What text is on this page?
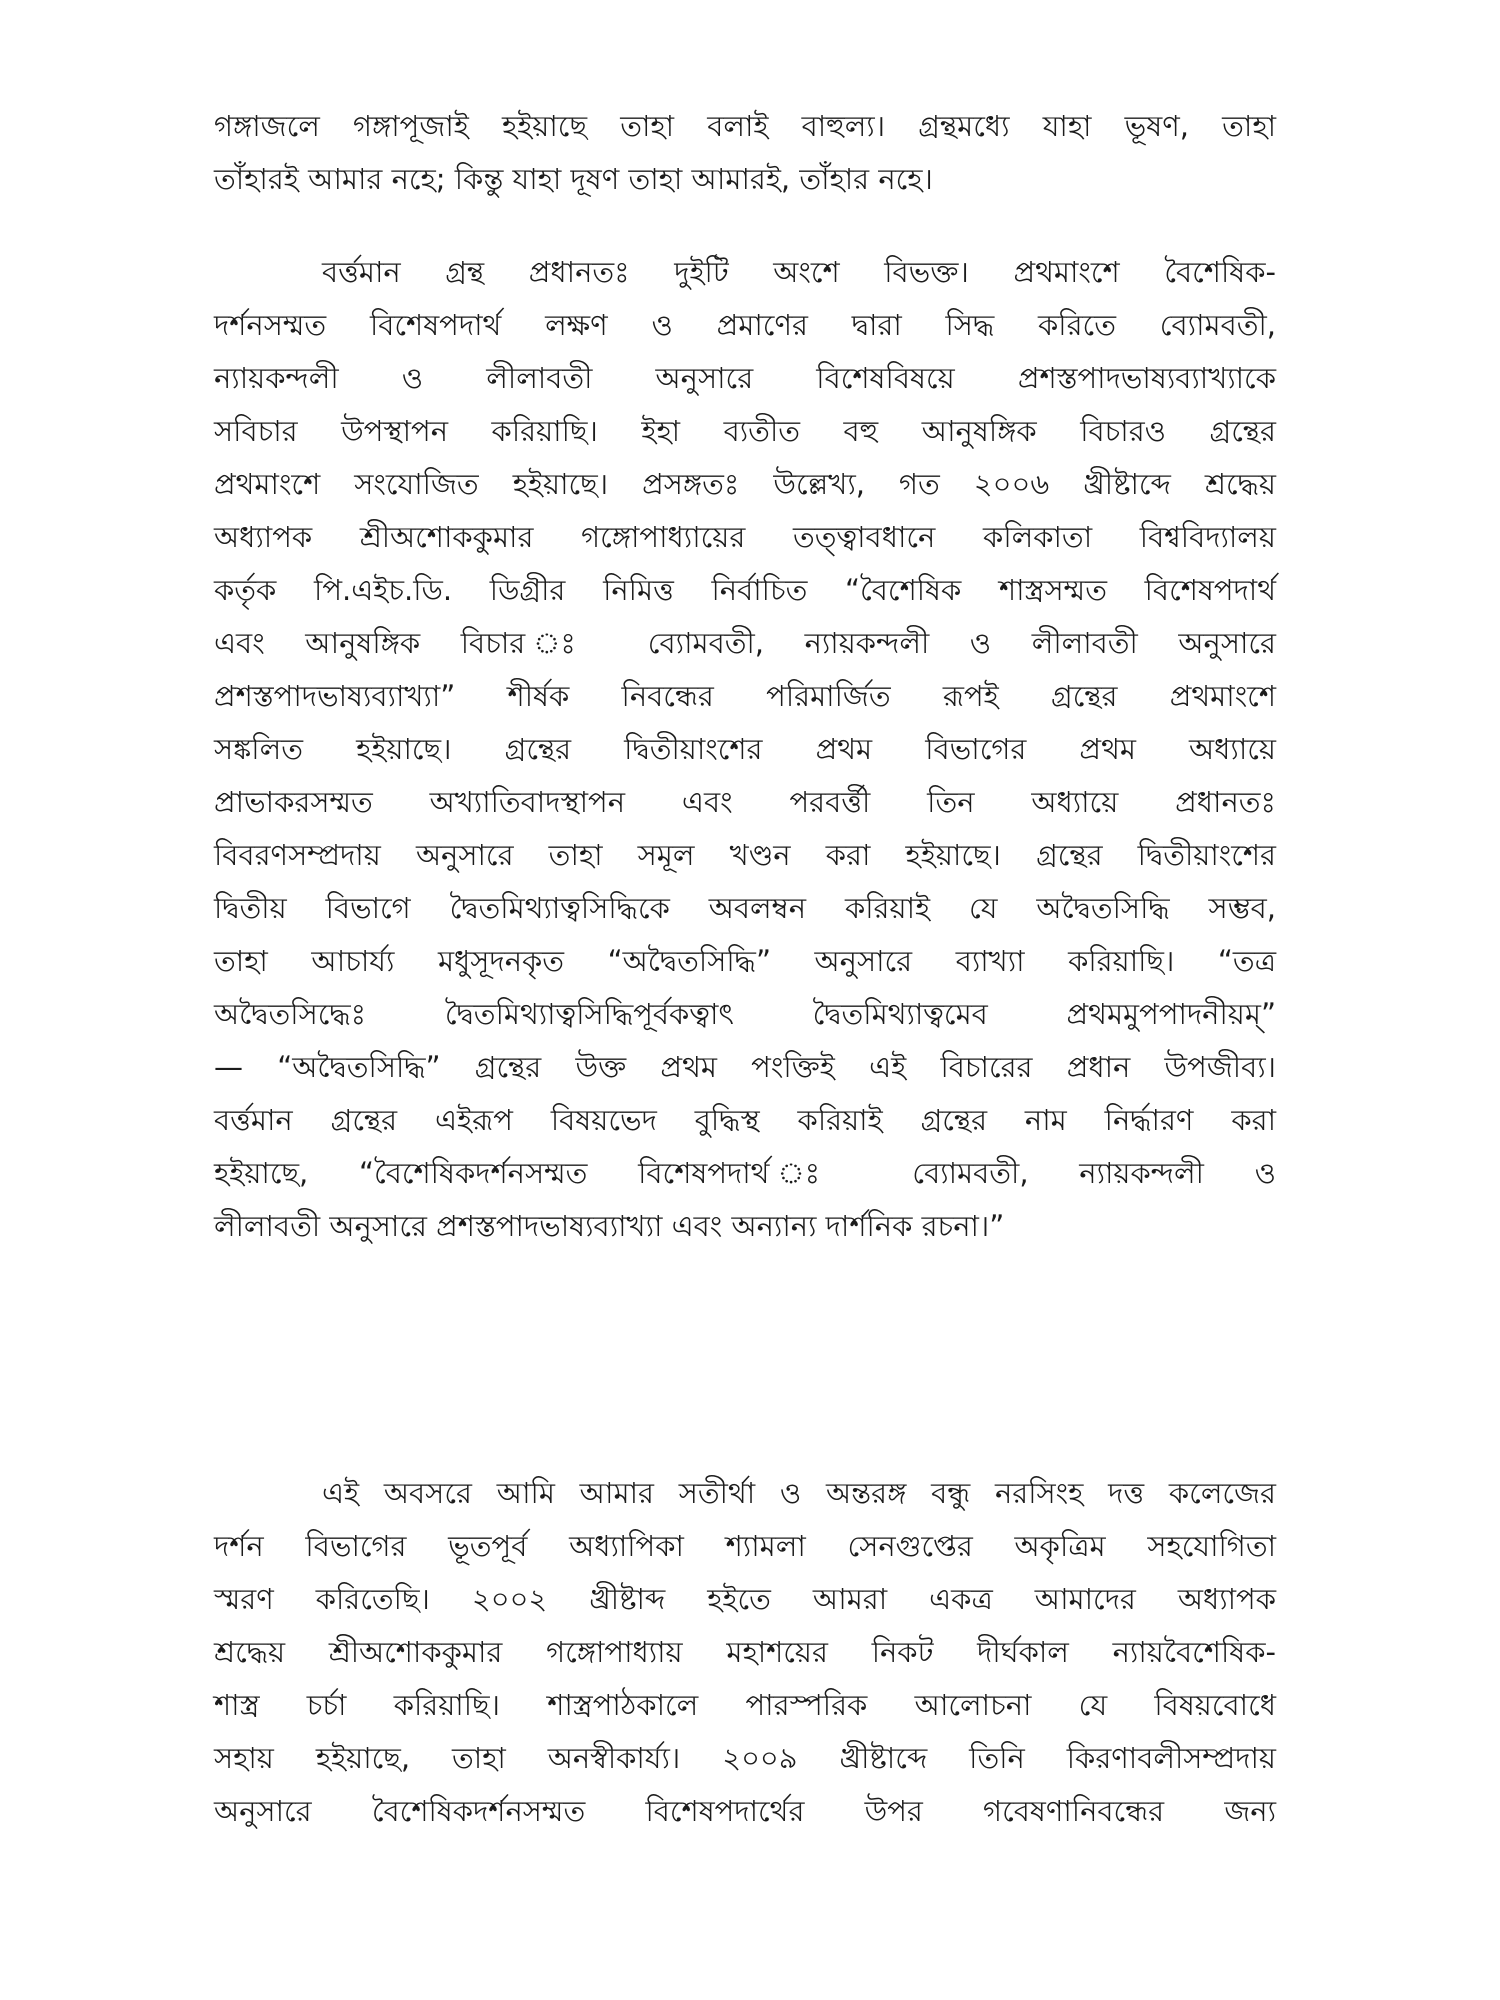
গঙ্গাজলে গঙ্গাপূজাই হইয়াছে তাহা বলাই বাহুল্য। গ্রন্থমধ্যে যাহা ভূষণ, তাহা
তাঁহারই আমার নহে; কিন্তু যাহা দূষণ তাহা আমারই, তাঁহার নহে।
বর্ত্তমান গ্রন্থ প্রধানতঃ দুইটি অংশে বিভক্ত। প্রথমাংশে বৈশেষিক-
দর্শনসম্মত বিশেষপদার্থ লক্ষণ ও প্রমাণের দ্বারা সিদ্ধ করিতে ব্যোমবতী,
ন্যায়কন্দলী ও লীলাবতী অনুসারে বিশেষবিষয়ে প্রশস্তপাদভাষ্যব্যাখ্যাকে
সবিচার উপস্থাপন করিয়াছি। ইহা ব্যতীত বহু আনুষঙ্গিক বিচারও গ্রন্থের
প্রথমাংশে সংযোজিত হইয়াছে। প্রসঙ্গতঃ উল্লেখ্য, গত ২০০৬ খ্রীষ্টাব্দে শ্রদ্ধেয়
অধ্যাপক শ্রীঅশোককুমার গঙ্গোপাধ্যায়ের তত্ত্বাবধানে কলিকাতা বিশ্ববিদ্যালয়
কর্তৃক পি.এইচ.ডি. ডিগ্রীর নিমিত্ত নির্বাচিত “বৈশেষিক শাস্ত্রসম্মত বিশেষপদার্থ
এবং আনুষঙ্গিক বিচার ঃ ব্যোমবতী, ন্যায়কন্দলী ও লীলাবতী অনুসারে
প্রশস্তপাদভাষ্যব্যাখ্যা” শীর্ষক নিবন্ধের পরিমার্জিত রূপই গ্রন্থের প্রথমাংশে
সঙ্কলিত হইয়াছে। গ্রন্থের দ্বিতীয়াংশের প্রথম বিভাগের প্রথম অধ্যায়ে
প্রাভাকরসম্মত অখ্যাতিবাদস্থাপন এবং পরবর্ত্তী তিন অধ্যায়ে প্রধানতঃ
বিবরণসম্প্রদায় অনুসারে তাহা সমূল খণ্ডন করা হইয়াছে। গ্রন্থের দ্বিতীয়াংশের
দ্বিতীয় বিভাগে দ্বৈতমিথ্যাত্বসিদ্ধিকে অবলম্বন করিয়াই যে অদ্বৈতসিদ্ধি সম্ভব,
তাহা আচার্য্য মধুসূদনকৃত “অদ্বৈতসিদ্ধি” অনুসারে ব্যাখ্যা করিয়াছি। “তত্র
অদ্বৈতসিদ্ধেঃ দ্বৈতমিথ্যাত্বসিদ্ধিপূর্বকত্বাৎ দ্বৈতমিথ্যাত্বমেব প্রথমমুপপাদনীয়ম্”
— “অদ্বৈতসিদ্ধি” গ্রন্থের উক্ত প্রথম পংক্তিই এই বিচারের প্রধান উপজীব্য।
বর্ত্তমান গ্রন্থের এইরূপ বিষয়ভেদ বুদ্ধিস্থ করিয়াই গ্রন্থের নাম নির্দ্ধারণ করা
হইয়াছে, “বৈশেষিকদর্শনসম্মত বিশেষপদার্থ ঃ ব্যোমবতী, ন্যায়কন্দলী ও
লীলাবতী অনুসারে প্রশস্তপাদভাষ্যব্যাখ্যা এবং অন্যান্য দার্শনিক রচনা।”
এই অবসরে আমি আমার সতীর্থা ও অন্তরঙ্গ বন্ধু নরসিংহ দত্ত কলেজের
দর্শন বিভাগের ভূতপূর্ব অধ্যাপিকা শ্যামলা সেনগুপ্তের অকৃত্রিম সহযোগিতা
স্মরণ করিতেছি। ২০০২ খ্রীষ্টাব্দ হইতে আমরা একত্র আমাদের অধ্যাপক
শ্রদ্ধেয় শ্রীঅশোককুমার গঙ্গোপাধ্যায় মহাশয়ের নিকট দীর্ঘকাল ন্যায়বৈশেষিক-
শাস্ত্র চর্চা করিয়াছি। শাস্ত্রপাঠকালে পারস্পরিক আলোচনা যে বিষয়বোধে
সহায় হইয়াছে, তাহা অনস্বীকার্য্য। ২০০৯ খ্রীষ্টাব্দে তিনি কিরণাবলীসম্প্রদায়
অনুসারে বৈশেষিকদর্শনসম্মত বিশেষপদার্থের উপর গবেষণানিবন্ধের জন্য
